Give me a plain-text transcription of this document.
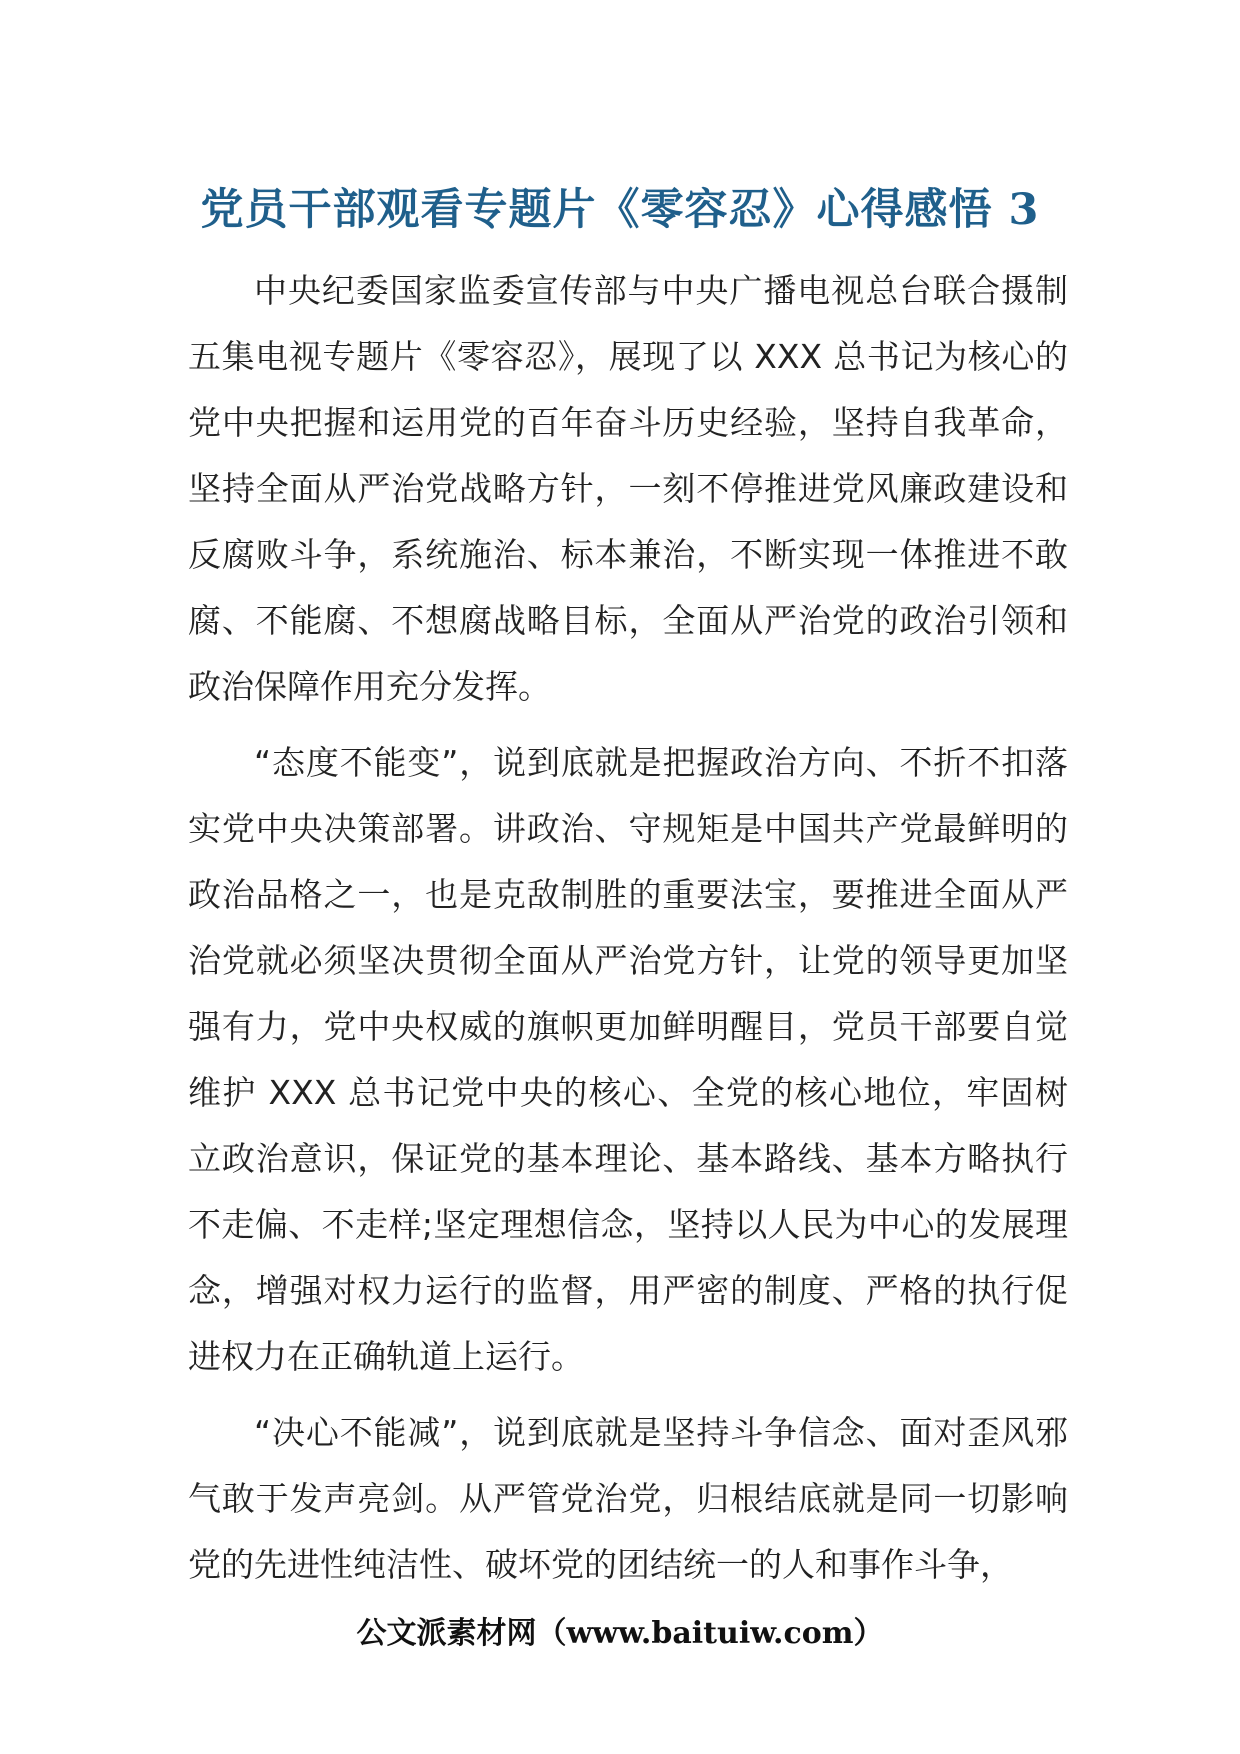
党员干部观看专题片《零容忍》心得感悟 3

中央纪委国家监委宣传部与中央广播电视总台联合摄制五集电视专题片《零容忍》，展现了以 XXX 总书记为核心的党中央把握和运用党的百年奋斗历史经验，坚持自我革命，坚持全面从严治党战略方针，一刻不停推进党风廉政建设和反腐败斗争，系统施治、标本兼治，不断实现一体推进不敢腐、不能腐、不想腐战略目标，全面从严治党的政治引领和政治保障作用充分发挥。

“态度不能变”，说到底就是把握政治方向、不折不扣落实党中央决策部署。讲政治、守规矩是中国共产党最鲜明的政治品格之一，也是克敌制胜的重要法宝，要推进全面从严治党就必须坚决贯彻全面从严治党方针，让党的领导更加坚强有力，党中央权威的旗帜更加鲜明醒目，党员干部要自觉维护 XXX 总书记党中央的核心、全党的核心地位，牢固树立政治意识，保证党的基本理论、基本路线、基本方略执行不走偏、不走样;坚定理想信念，坚持以人民为中心的发展理念，增强对权力运行的监督，用严密的制度、严格的执行促进权力在正确轨道上运行。

“决心不能减”，说到底就是坚持斗争信念、面对歪风邪气敢于发声亮剑。从严管党治党，归根结底就是同一切影响党的先进性纯洁性、破坏党的团结统一的人和事作斗争，

公文派素材网（www.baituiw.com）
